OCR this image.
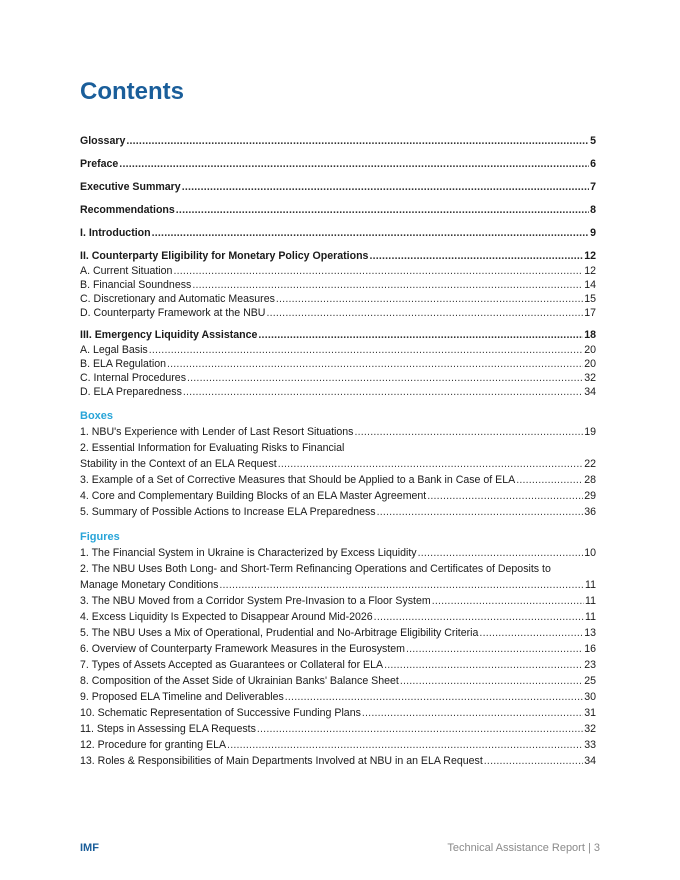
Contents
Glossary .....	5
Preface .....	6
Executive Summary .....	7
Recommendations .....	8
I. Introduction .....	9
II. Counterparty Eligibility for Monetary Policy Operations .....	12
A. Current Situation .....	12
B. Financial Soundness .....	14
C. Discretionary and Automatic Measures .....	15
D. Counterparty Framework at the NBU .....	17
III. Emergency Liquidity Assistance .....	18
A. Legal Basis .....	20
B. ELA Regulation .....	20
C. Internal Procedures .....	32
D. ELA Preparedness .....	34
Boxes
1. NBU's Experience with Lender of Last Resort Situations .....	19
2. Essential Information for Evaluating Risks to Financial
Stability in the Context of an ELA Request .....	22
3. Example of a Set of Corrective Measures that Should be Applied to a Bank in Case of ELA .....	28
4. Core and Complementary Building Blocks of an ELA Master Agreement .....	29
5. Summary of Possible Actions to Increase ELA Preparedness .....	36
Figures
1. The Financial System in Ukraine is Characterized by Excess Liquidity .....	10
2. The NBU Uses Both Long- and Short-Term Refinancing Operations and Certificates of Deposits to
Manage Monetary Conditions .....	11
3. The NBU Moved from a Corridor System Pre-Invasion to a Floor System .....	11
4. Excess Liquidity Is Expected to Disappear Around Mid-2026 .....	11
5. The NBU Uses a Mix of Operational, Prudential and No-Arbitrage Eligibility Criteria .....	13
6. Overview of Counterparty Framework Measures in the Eurosystem .....	16
7. Types of Assets Accepted as Guarantees or Collateral for ELA .....	23
8. Composition of the Asset Side of Ukrainian Banks' Balance Sheet .....	25
9. Proposed ELA Timeline and Deliverables .....	30
10. Schematic Representation of Successive Funding Plans .....	31
11. Steps in Assessing ELA Requests .....	32
12. Procedure for granting ELA .....	33
13. Roles & Responsibilities of Main Departments Involved at NBU in an ELA Request .....	34
IMF	Technical Assistance Report | 3
